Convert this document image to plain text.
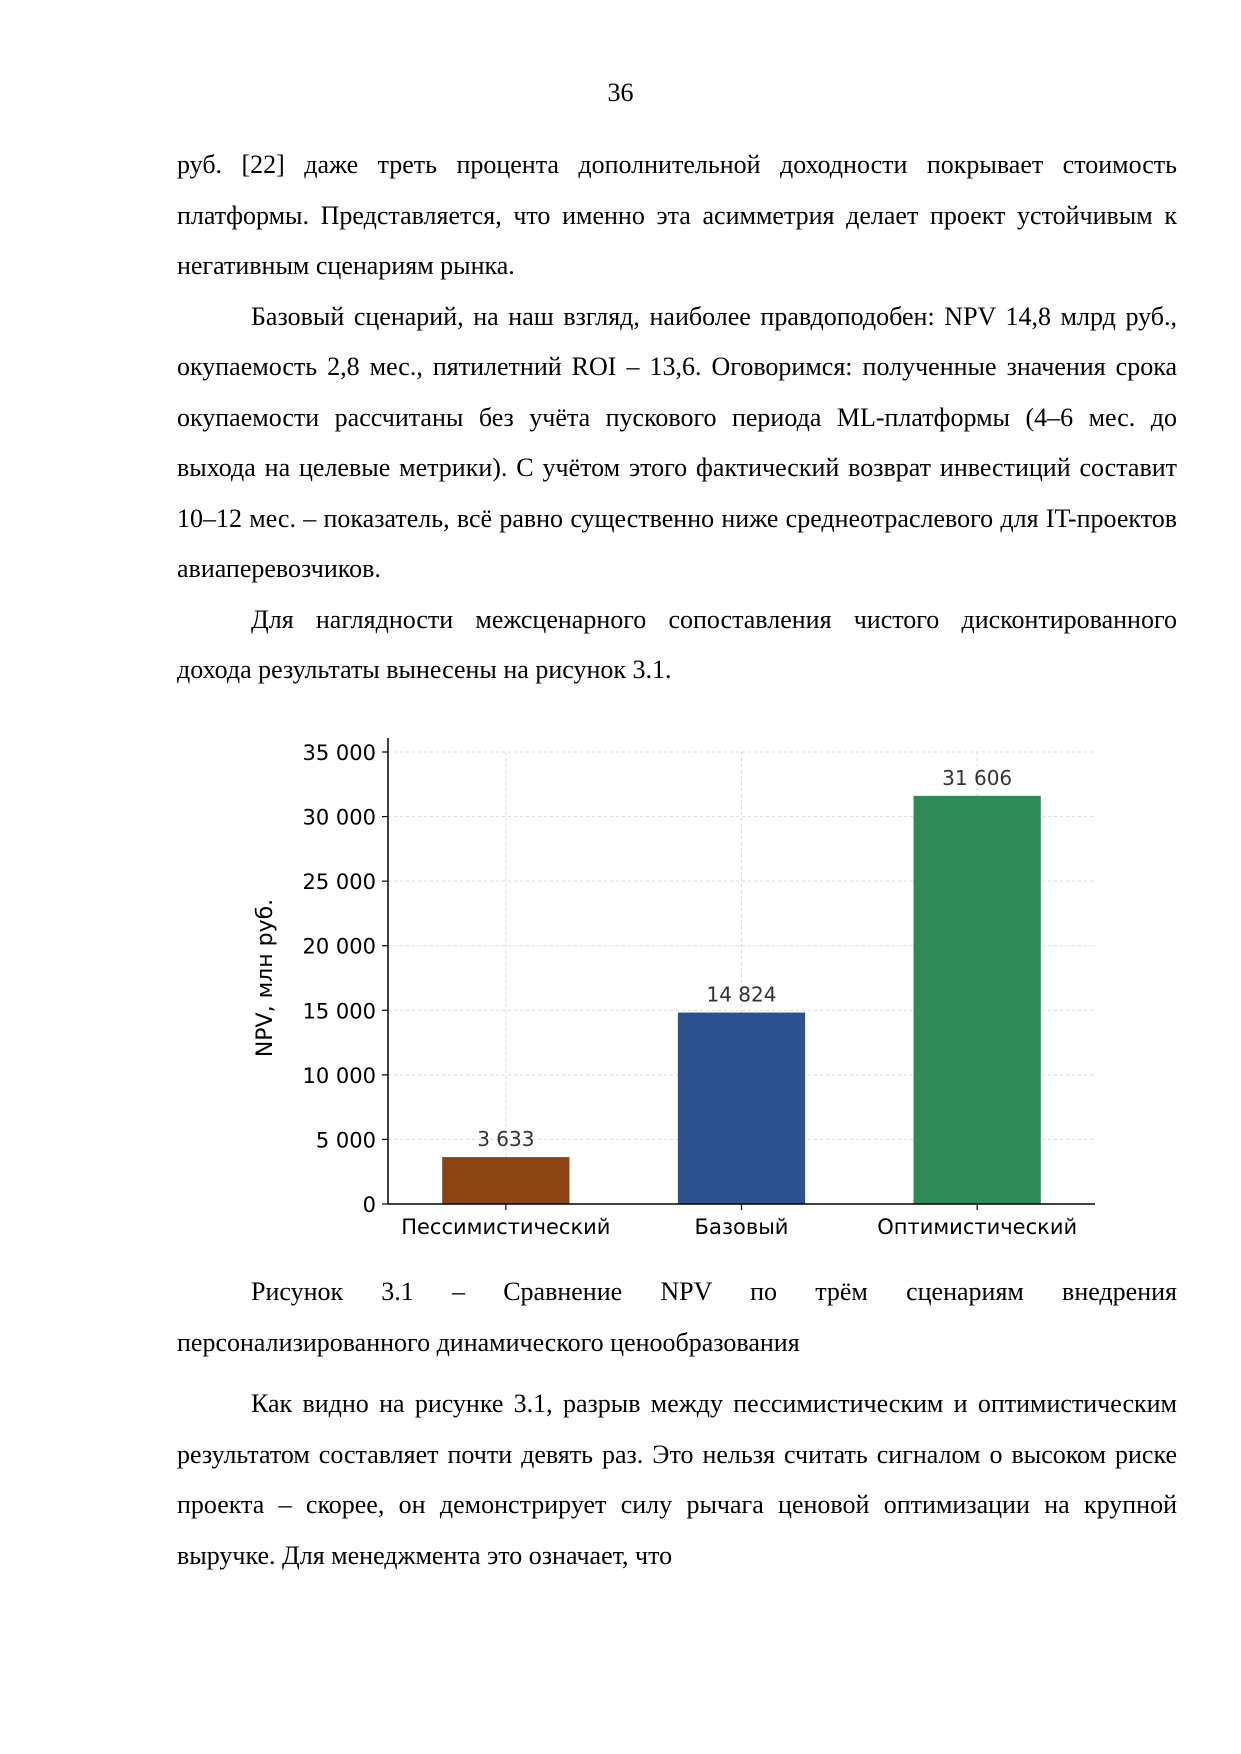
36

руб. [22] даже треть процента дополнительной доходности покрывает стоимость платформы. Представляется, что именно эта асимметрия делает проект устойчивым к негативным сценариям рынка.

Базовый сценарий, на наш взгляд, наиболее правдоподобен: NPV 14,8 млрд руб., окупаемость 2,8 мес., пятилетний ROI – 13,6. Оговоримся: полученные значения срока окупаемости рассчитаны без учёта пускового периода ML-платформы (4–6 мес. до выхода на целевые метрики). С учётом этого фактический возврат инвестиций составит 10–12 мес. – показатель, всё равно существенно ниже среднеотраслевого для IT-проектов авиаперевозчиков.

Для наглядности межсценарного сопоставления чистого дисконтированного дохода результаты вынесены на рисунок 3.1.

3 633
14 824
31 606
0
5 000
10 000
15 000
20 000
25 000
30 000
35 000
Пессимистический	Базовый	Оптимистический
NPV, млн руб.

Рисунок 3.1 – Сравнение NPV по трём сценариям внедрения персонализированного динамического ценообразования

Как видно на рисунке 3.1, разрыв между пессимистическим и оптимистическим результатом составляет почти девять раз. Это нельзя считать сигналом о высоком риске проекта – скорее, он демонстрирует силу рычага ценовой оптимизации на крупной выручке. Для менеджмента это означает, что
